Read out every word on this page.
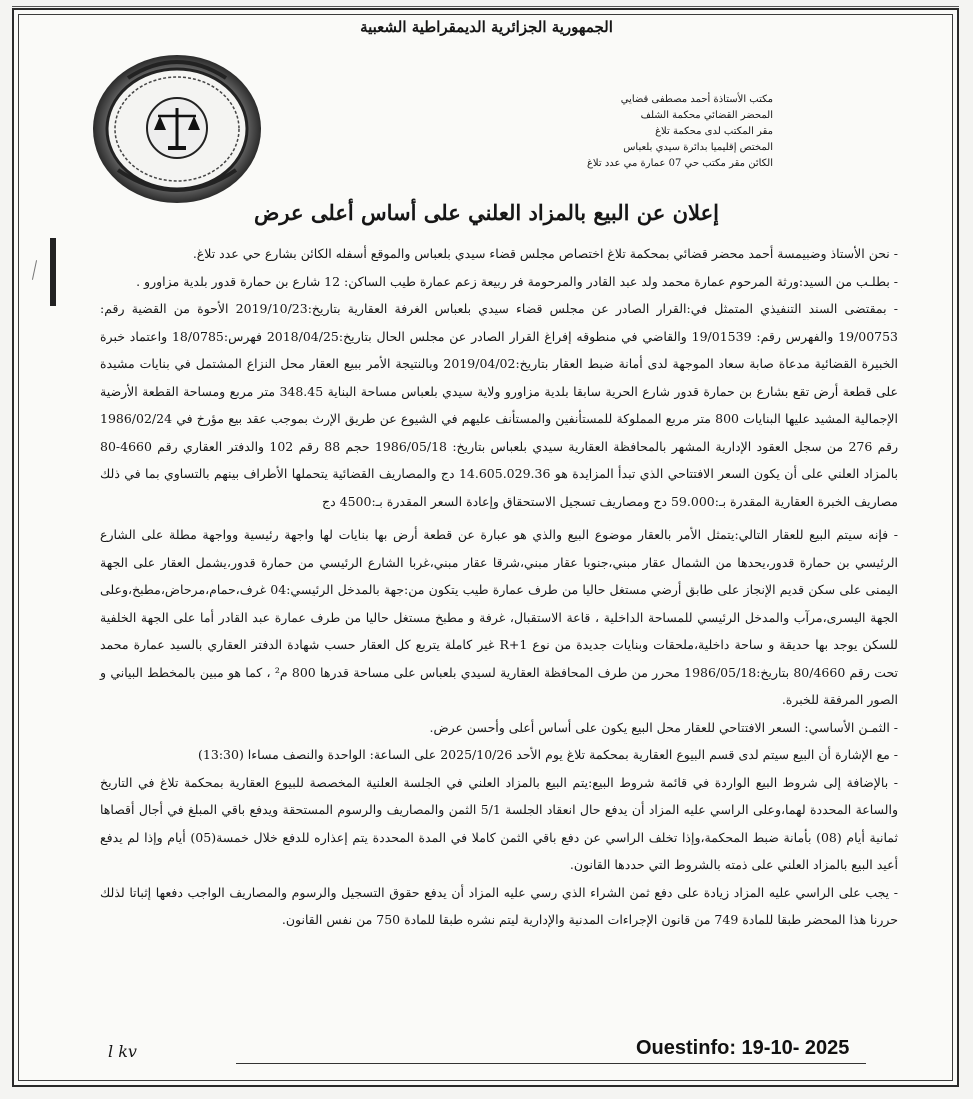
الجمهورية الجزائرية الديمقراطية الشعبية
مكتب الأستاذة أحمد مصطفى قضايي
المحضر القضائي محكمة الشلف
مقر المكتب لدى محكمة تلاغ
المختص إقليميا بدائرة سيدي بلعباس
الكائن مقر مكتب حي 07 عمارة مي عدد تلاغ
إعلان عن البيع بالمزاد العلني على أساس أعلى عرض

- نحن الأستاذ وضبيمسة أحمد محضر قضائي بمحكمة تلاغ اختصاص مجلس قضاء سيدي بلعباس والموقع أسفله الكائن بشارع حي عدد تلاغ.

- بطلـب من السيد:ورثة المرحوم عمارة محمد ولد عبد القادر والمرحومة فر ربيعة زعم عمارة طيب الساكن: 12 شارع بن حمارة قدور بلدية مزاورو .

- بمقتضى السند التنفيذي المتمثل في:القرار الصادر عن مجلس قضاء سيدي بلعباس الغرفة العقارية بتاريخ:2019/10/23 الأحوة من القضية رقم: 19/00753 والفهرس رقم: 19/01539 والقاضي في منطوقه إفراغ القرار الصادر عن مجلس الحال بتاريخ:2018/04/25 فهرس:18/0785 واعتماد خبرة الخبيرة القضائية مدعاة صابة سعاد الموجهة لدى أمانة ضبط العقار بتاريخ:2019/04/02 وبالنتيجة الأمر ببيع العقار محل النزاع المشتمل في بنايات مشيدة على قطعة أرض تقع بشارع بن حمارة قدور شارع الحرية سابقا بلدية مزاورو ولاية سيدي بلعباس مساحة البناية 348.45 متر مربع ومساحة القطعة الأرضية الإجمالية المشيد عليها البنايات 800 متر مربع المملوكة للمستأنفين والمستأنف عليهم في الشيوع عن طريق الإرث بموجب عقد بيع مؤرخ في 1986/02/24 رقم 276 من سجل العقود الإدارية المشهر بالمحافظة العقارية سيدي بلعباس بتاريخ: 1986/05/18 حجم 88 رقم 102 والدفتر العقاري رقم 4660-80 بالمزاد العلني على أن يكون السعر الافتتاحي الذي تبدأ المزايدة هو 14.605.029.36 دج والمصاريف القضائية يتحملها الأطراف بينهم بالتساوي بما في ذلك مصاريف الخبرة العقارية المقدرة بـ:59.000 دج ومصاريف تسجيل الاستحقاق وإعادة السعر المقدرة بـ:4500 دج

- فإنه سيتم البيع للعقار التالي:يتمثل الأمر بالعقار موضوع البيع والذي هو عبارة عن قطعة أرض بها بنايات لها واجهة رئيسية وواجهة مطلة على الشارع الرئيسي بن حمارة قدور،يحدها من الشمال عقار مبني،جنوبا عقار مبني،شرقا عقار مبني،غربا الشارع الرئيسي من حمارة قدور،يشمل العقار على الجهة اليمنى على سكن قديم الإنجاز على طابق أرضي مستغل حاليا من طرف عمارة طيب يتكون من:جهة بالمدخل الرئيسي:04 غرف،حمام،مرحاض،مطبخ،وعلى الجهة اليسرى،مرآب والمدخل الرئيسي للمساحة الداخلية ، قاعة الاستقبال، غرفة و مطبخ مستغل حاليا من طرف عمارة عبد القادر أما على الجهة الخلفية للسكن يوجد بها حديقة و ساحة داخلية،ملحقات وبنايات جديدة من نوع R+1 غير كاملة يتربع كل العقار حسب شهادة الدفتر العقاري بالسيد عمارة محمد تحت رقم 80/4660 بتاريخ:1986/05/18 محرر من طرف المحافظة العقارية لسيدي بلعباس على مساحة قدرها 800 م² ، كما هو مبين بالمخطط البياني و الصور المرفقة للخبرة.

- الثمـن الأساسي: السعر الافتتاحي للعقار محل البيع يكون على أساس أعلى وأحسن عرض.

- مع الإشارة أن البيع سيتم لدى قسم البيوع العقارية بمحكمة تلاغ يوم الأحد 2025/10/26 على الساعة: الواحدة والنصف مساءا (13:30)

- بالإضافة إلى شروط البيع الواردة في قائمة شروط البيع:يتم البيع بالمزاد العلني في الجلسة العلنية المخصصة للبيوع العقارية بمحكمة تلاغ في التاريخ والساعة المحددة لهما،وعلى الراسي عليه المزاد أن يدفع حال انعقاد الجلسة 5/1 الثمن والمصاريف والرسوم المستحقة ويدفع باقي المبلغ في أجال أقصاها ثمانية أيام (08) بأمانة ضبط المحكمة،وإذا تخلف الراسي عن دفع باقي الثمن كاملا في المدة المحددة يتم إعذاره للدفع خلال خمسة(05) أيام وإذا لم يدفع أعيد البيع بالمزاد العلني على ذمته بالشروط التي حددها القانون.

- يجب على الراسي عليه المزاد زيادة على دفع ثمن الشراء الذي رسي عليه المزاد أن يدفع حقوق التسجيل والرسوم والمصاريف الواجب دفعها إثباتا لذلك حررنا هذا المحضر طبقا للمادة 749 من قانون الإجراءات المدنية والإدارية ليتم نشره طبقا للمادة 750 من نفس القانون.

l kv	Ouestinfo: 19-10- 2025
